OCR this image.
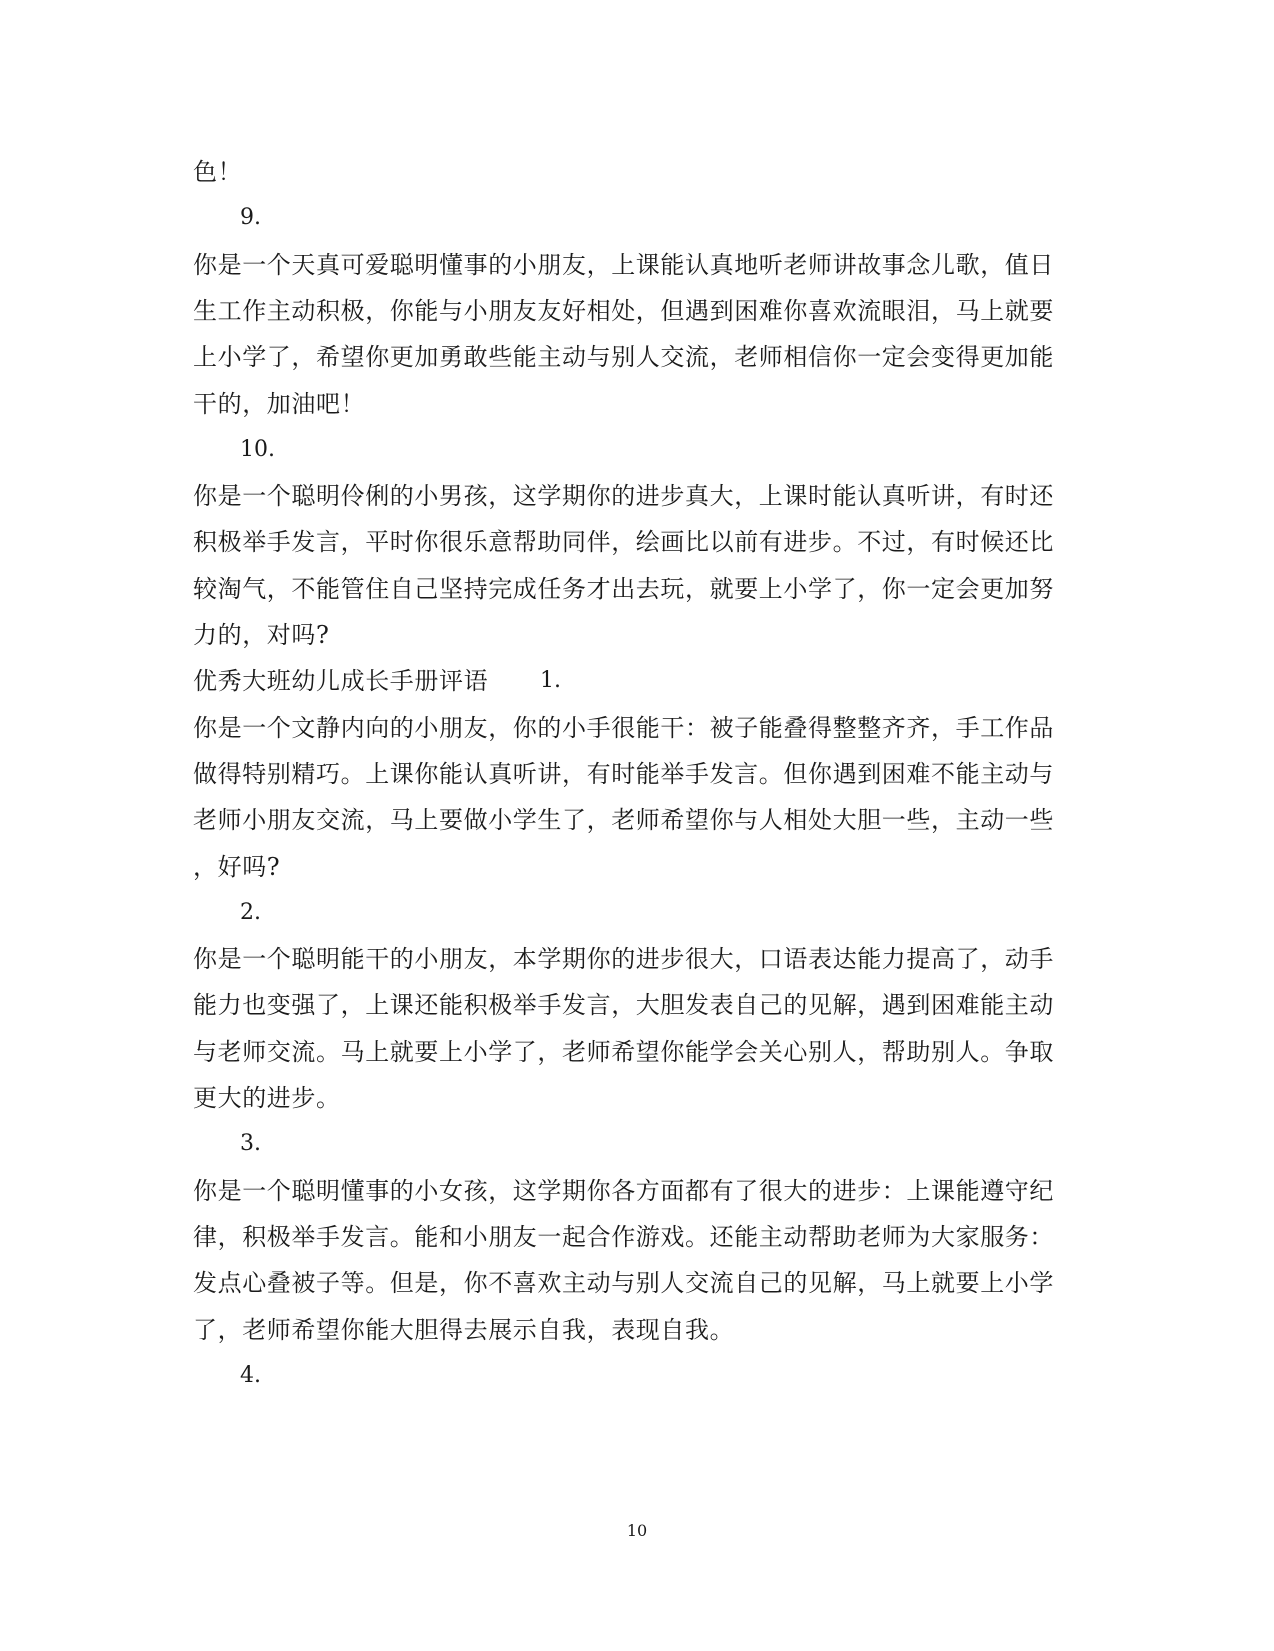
色！
9.
你是一个天真可爱聪明懂事的小朋友，上课能认真地听老师讲故事念儿歌，值日
生工作主动积极，你能与小朋友友好相处，但遇到困难你喜欢流眼泪，马上就要
上小学了，希望你更加勇敢些能主动与别人交流，老师相信你一定会变得更加能
干的，加油吧！
10.
你是一个聪明伶俐的小男孩，这学期你的进步真大，上课时能认真听讲，有时还
积极举手发言，平时你很乐意帮助同伴，绘画比以前有进步。不过，有时候还比
较淘气，不能管住自己坚持完成任务才出去玩，就要上小学了，你一定会更加努
力的，对吗?
优秀大班幼儿成长手册评语	1.
你是一个文静内向的小朋友，你的小手很能干：被子能叠得整整齐齐，手工作品
做得特别精巧。上课你能认真听讲，有时能举手发言。但你遇到困难不能主动与
老师小朋友交流，马上要做小学生了，老师希望你与人相处大胆一些，主动一些
，好吗?
2.
你是一个聪明能干的小朋友，本学期你的进步很大，口语表达能力提高了，动手
能力也变强了，上课还能积极举手发言，大胆发表自己的见解，遇到困难能主动
与老师交流。马上就要上小学了，老师希望你能学会关心别人，帮助别人。争取
更大的进步。
3.
你是一个聪明懂事的小女孩，这学期你各方面都有了很大的进步：上课能遵守纪
律，积极举手发言。能和小朋友一起合作游戏。还能主动帮助老师为大家服务：
发点心叠被子等。但是，你不喜欢主动与别人交流自己的见解，马上就要上小学
了，老师希望你能大胆得去展示自我，表现自我。
4.
10
